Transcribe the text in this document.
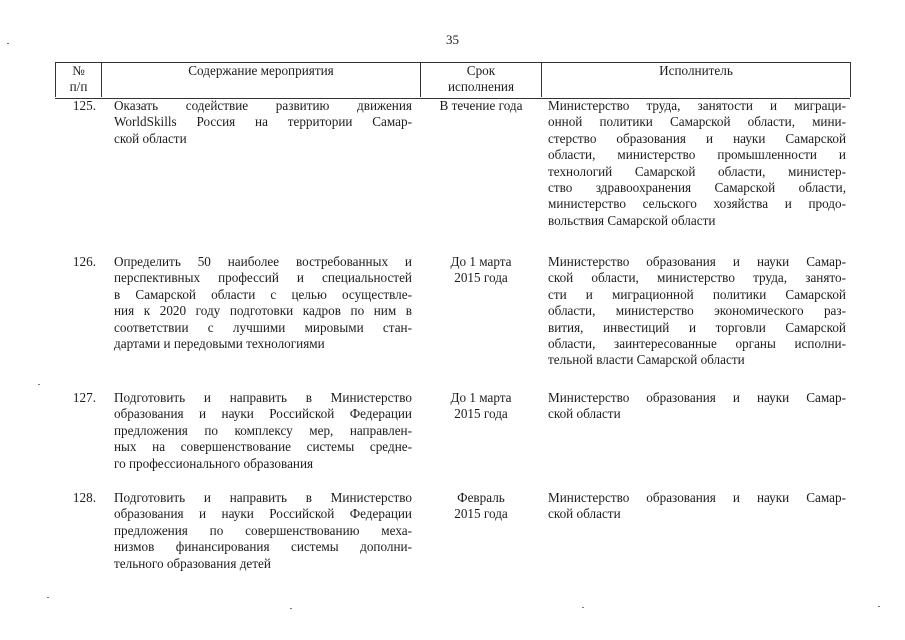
35
№
п/п
Содержание мероприятия	Срок
исполнения
Исполнитель
125. Оказать содействие развитию движения
WorldSkills Россия на территории Самар-
ской области
В течение года	Министерство труда, занятости и миграци-
онной политики Самарской области, мини-
стерство образования и науки Самарской
области, министерство промышленности и
технологий Самарской области, министер-
ство здравоохранения Самарской области,
министерство сельского хозяйства и продо-
вольствия Самарской области
126. Определить 50 наиболее востребованных и
перспективных профессий и специальностей
в Самарской области с целью осуществле-
ния к 2020 году подготовки кадров по ним в
соответствии с лучшими мировыми стан-
дартами и передовыми технологиями
До 1 марта
2015 года
Министерство образования и науки Самар-
ской области, министерство труда, занято-
сти и миграционной политики Самарской
области, министерство экономического раз-
вития, инвестиций и торговли Самарской
области, заинтересованные органы исполни-
тельной власти Самарской области
127. Подготовить и направить в Министерство
образования и науки Российской Федерации
предложения по комплексу мер, направлен-
ных на совершенствование системы средне-
го профессионального образования
До 1 марта
2015 года
Министерство образования и науки Самар-
ской области
128. Подготовить и направить в Министерство
образования и науки Российской Федерации
предложения по совершенствованию меха-
низмов финансирования системы дополни-
тельного образования детей
Февраль
2015 года
Министерство образования и науки Самар-
ской области
